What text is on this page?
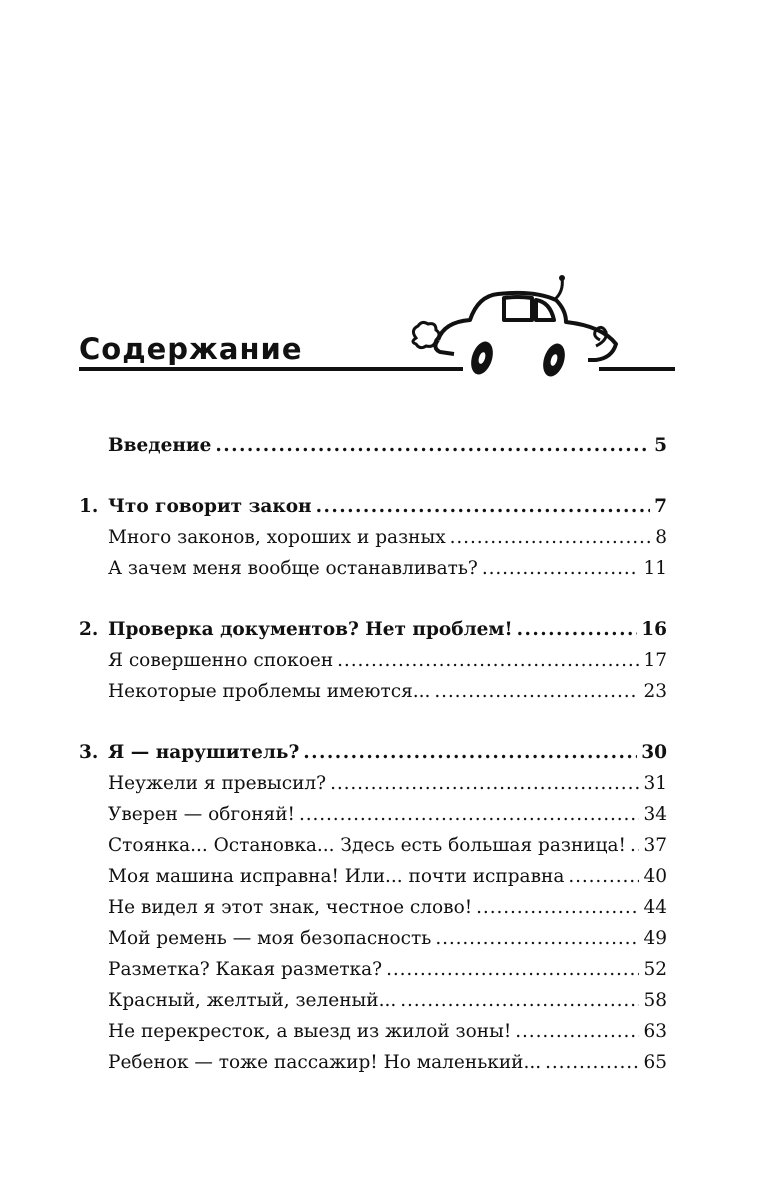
Содержание
Введение . . .	5
1. Что говорит закон . . .	7
Много законов, хороших и разных . . .	8
А зачем меня вообще останавливать? . . .	11
2. Проверка документов? Нет проблем! . . .	16
Я совершенно спокоен . . .	17
Некоторые проблемы имеются... . . .	23
3. Я — нарушитель? . . .	30
Неужели я превысил? . . .	31
Уверен — обгоняй! . . .	34
Стоянка... Остановка... Здесь есть большая разница! . . . 37
Моя машина исправна! Или... почти исправна . . .	40
Не видел я этот знак, честное слово! . . .	44
Мой ремень — моя безопасность . . .	49
Разметка? Какая разметка? . . .	52
Красный, желтый, зеленый... . . .	58
Не перекресток, а выезд из жилой зоны! . . .	63
Ребенок — тоже пассажир! Но маленький... . . .	65
